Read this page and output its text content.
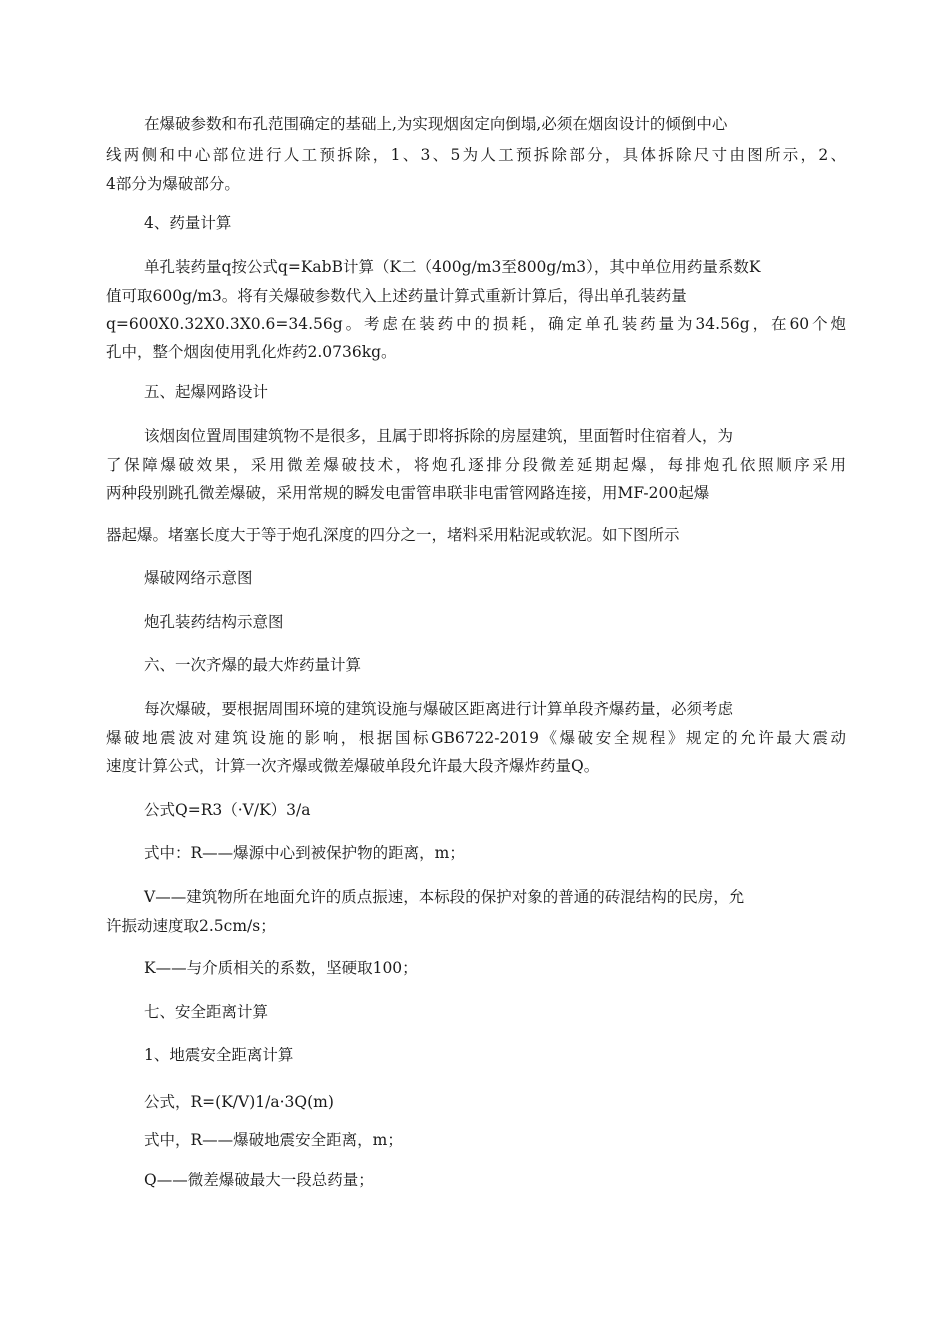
在爆破参数和布孔范围确定的基础上,为实现烟囱定向倒塌,必须在烟囱设计的倾倒中心
线两侧和中心部位进行人工预拆除，1、3、5为人工预拆除部分，具体拆除尺寸由图所示，2、
4部分为爆破部分。
4、药量计算
单孔装药量q按公式q=KabB计算（K二（400g/m3至800g/m3），其中单位用药量系数K
值可取600g/m3。将有关爆破参数代入上述药量计算式重新计算后，得出单孔装药量
q=600X0.32X0.3X0.6=34.56g。考虑在装药中的损耗，确定单孔装药量为34.56g，在60个炮
孔中，整个烟囱使用乳化炸药2.0736kg。
五、起爆网路设计
该烟囱位置周围建筑物不是很多，且属于即将拆除的房屋建筑，里面暂时住宿着人，为
了保障爆破效果，采用微差爆破技术，将炮孔逐排分段微差延期起爆，每排炮孔依照顺序采用
两种段别跳孔微差爆破，采用常规的瞬发电雷管串联非电雷管网路连接，用MF-200起爆
器起爆。堵塞长度大于等于炮孔深度的四分之一，堵料采用粘泥或软泥。如下图所示
爆破网络示意图
炮孔装药结构示意图
六、一次齐爆的最大炸药量计算
每次爆破，要根据周围环境的建筑设施与爆破区距离进行计算单段齐爆药量，必须考虑
爆破地震波对建筑设施的影响，根据国标GB6722-2019《爆破安全规程》规定的允许最大震动
速度计算公式，计算一次齐爆或微差爆破单段允许最大段齐爆炸药量Q。
公式Q=R3（·V/K）3/a
式中：R——爆源中心到被保护物的距离，m；
V——建筑物所在地面允许的质点振速，本标段的保护对象的普通的砖混结构的民房，允
许振动速度取2.5cm/s；
K——与介质相关的系数，坚硬取100；
七、安全距离计算
1、地震安全距离计算
公式，R=(K/V)1/a·3Q(m)
式中，R——爆破地震安全距离，m；
Q——微差爆破最大一段总药量；
